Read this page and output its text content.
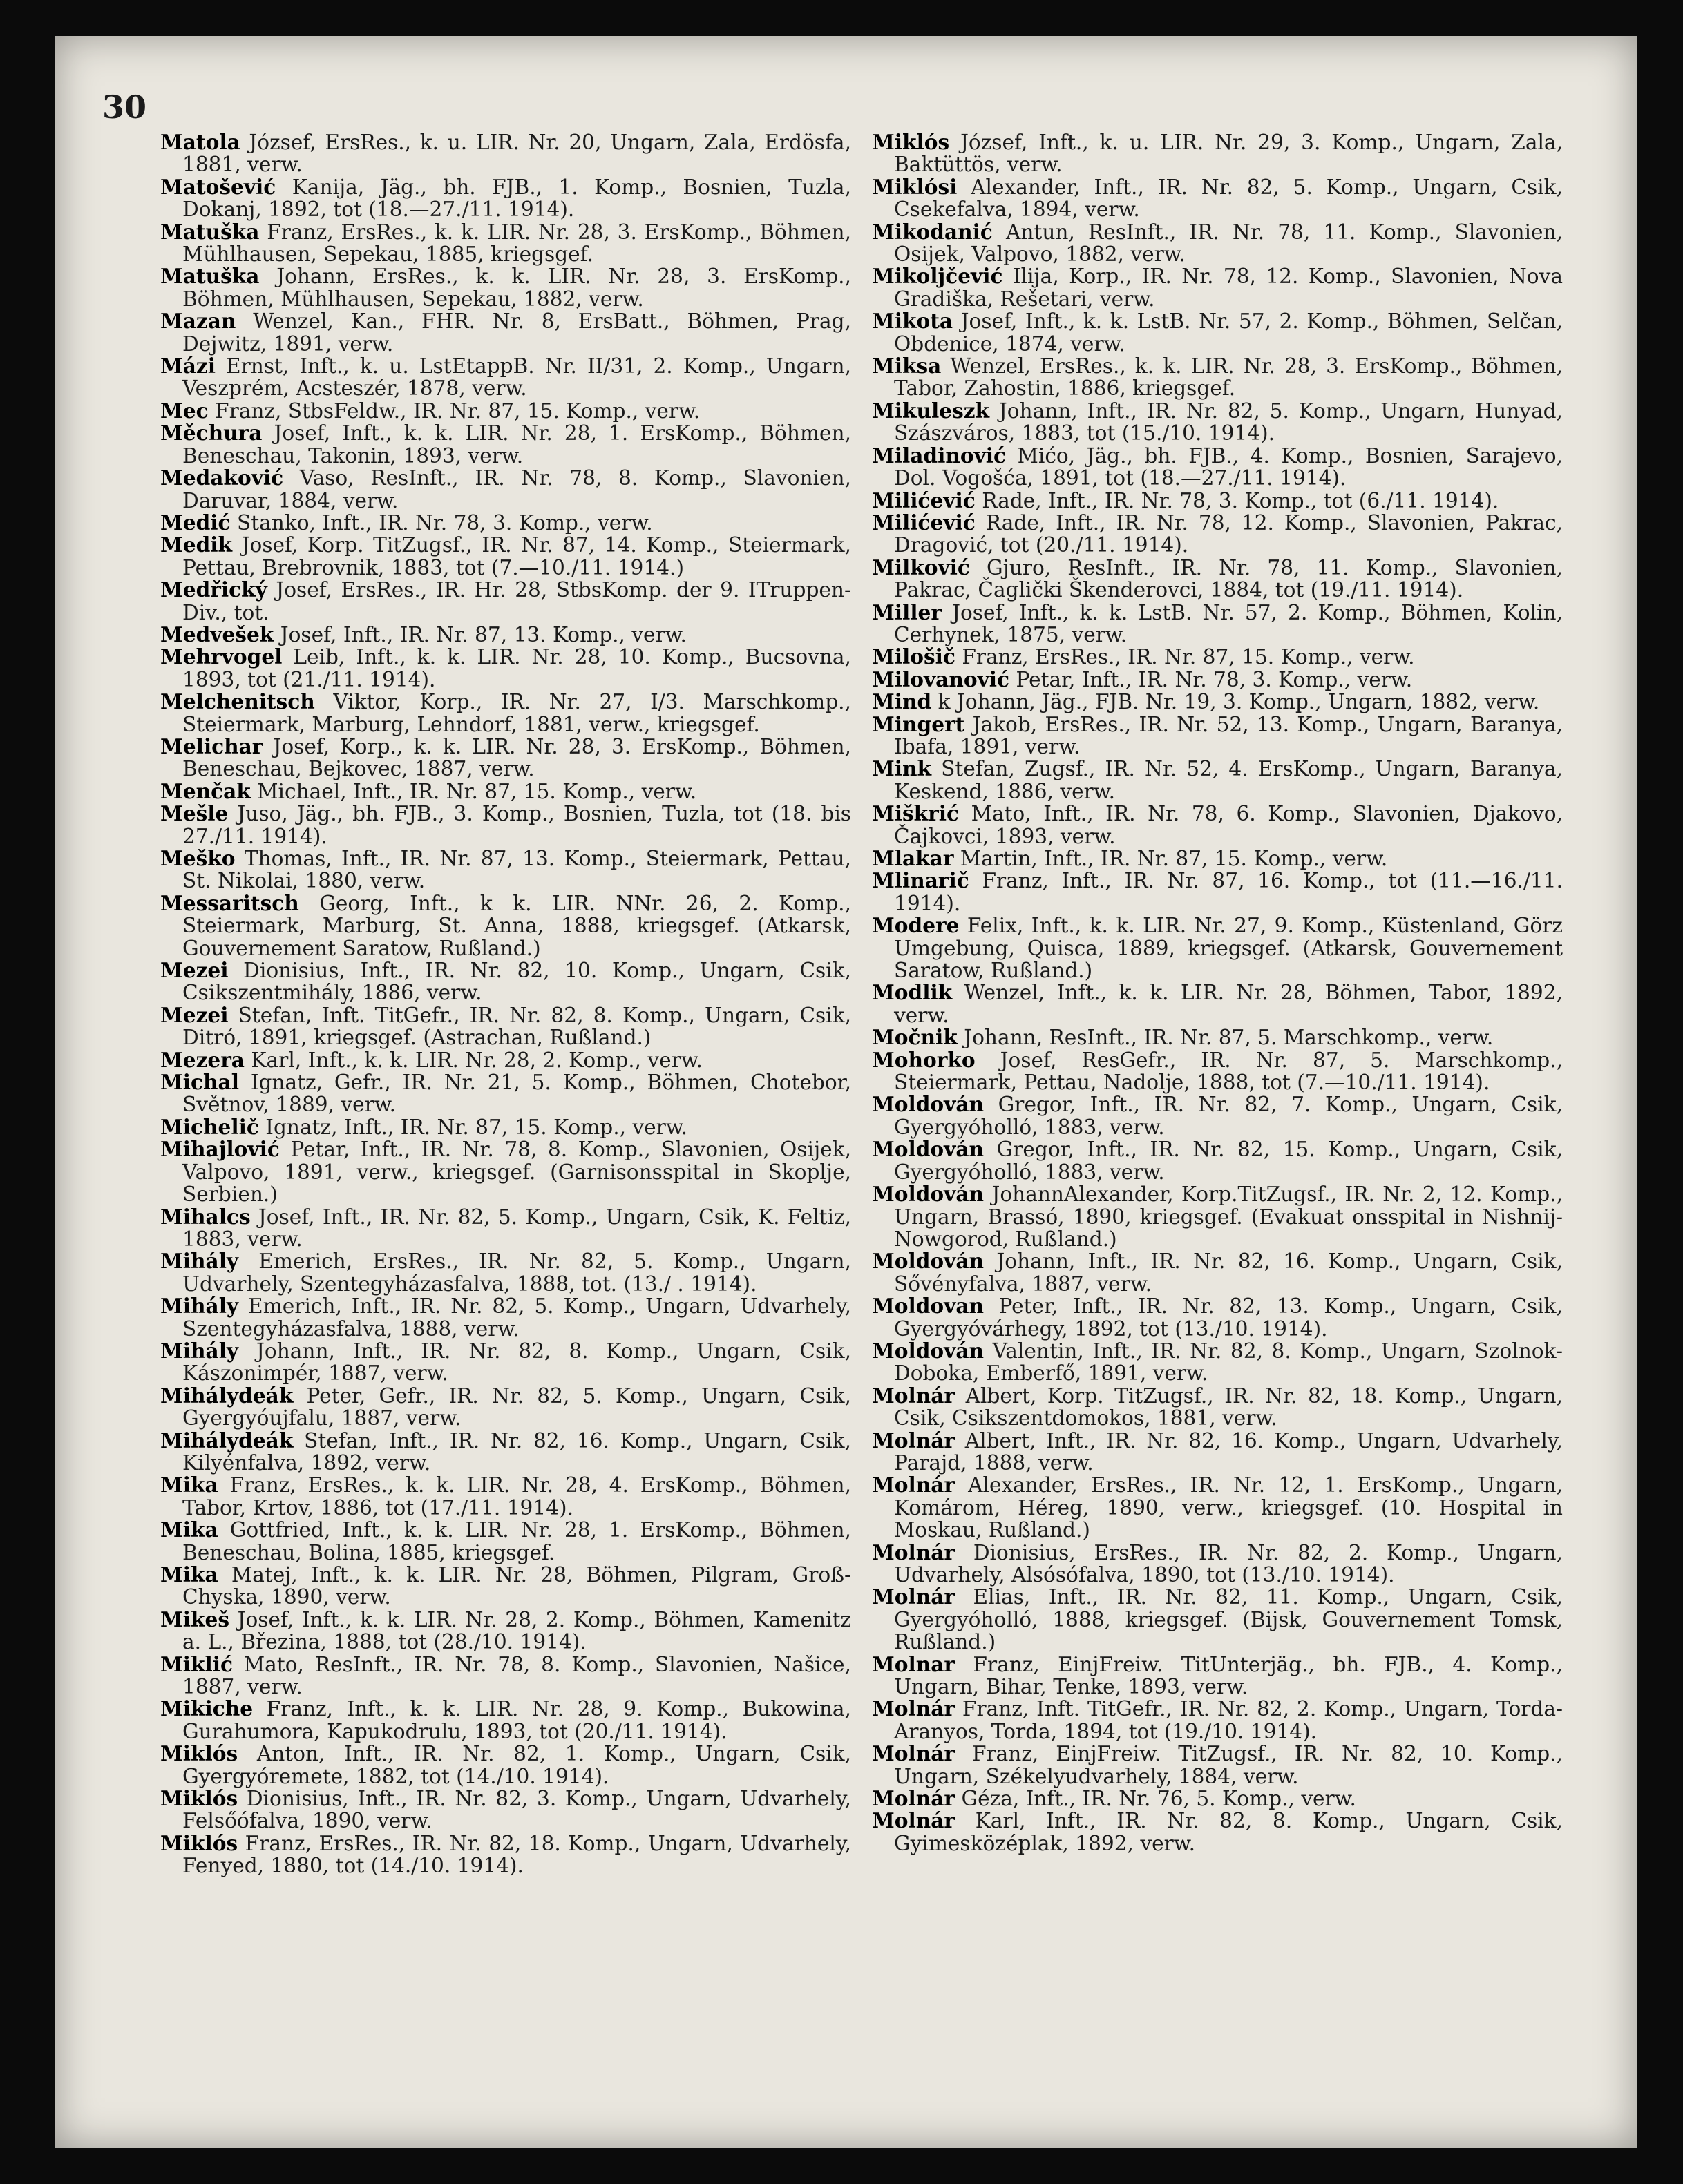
30
Matola József, ErsRes., k. u. LIR. Nr. 20, Ungarn, Zala, Erdösfa, 1881, verw.
Matošević Kanija, Jäg., bh. FJB., 1. Komp., Bosnien, Tuzla, Dokanj, 1892, tot (18.—27./11. 1914).
Matuška Franz, ErsRes., k. k. LIR. Nr. 28, 3. ErsKomp., Böhmen, Mühlhausen, Sepekau, 1885, kriegsgef.
Matuška Johann, ErsRes., k. k. LIR. Nr. 28, 3. ErsKomp., Böhmen, Mühlhausen, Sepekau, 1882, verw.
Mazan Wenzel, Kan., FHR. Nr. 8, ErsBatt., Böhmen, Prag, Dejwitz, 1891, verw.
Mázi Ernst, Inft., k. u. LstEtappB. Nr. II/31, 2. Komp., Ungarn, Veszprém, Acsteszér, 1878, verw.
Mec Franz, StbsFeldw., IR. Nr. 87, 15. Komp., verw.
Měchura Josef, Inft., k. k. LIR. Nr. 28, 1. ErsKomp., Böhmen, Beneschau, Takonin, 1893, verw.
Medaković Vaso, ResInft., IR. Nr. 78, 8. Komp., Slavonien, Daruvar, 1884, verw.
Medić Stanko, Inft., IR. Nr. 78, 3. Komp., verw.
Medik Josef, Korp. TitZugsf., IR. Nr. 87, 14. Komp., Steiermark, Pettau, Brebrovnik, 1883, tot (7.—10./11. 1914.)
Medřický Josef, ErsRes., IR. Hr. 28, StbsKomp. der 9. ITruppen-Div., tot.
Medvešek Josef, Inft., IR. Nr. 87, 13. Komp., verw.
Mehrvogel Leib, Inft., k. k. LIR. Nr. 28, 10. Komp., Bucsovna, 1893, tot (21./11. 1914).
Melchenitsch Viktor, Korp., IR. Nr. 27, I/3. Marschkomp., Steiermark, Marburg, Lehndorf, 1881, verw., kriegsgef.
Melichar Josef, Korp., k. k. LIR. Nr. 28, 3. ErsKomp., Böhmen, Beneschau, Bejkovec, 1887, verw.
Menčak Michael, Inft., IR. Nr. 87, 15. Komp., verw.
Mešle Juso, Jäg., bh. FJB., 3. Komp., Bosnien, Tuzla, tot (18. bis 27./11. 1914).
Meško Thomas, Inft., IR. Nr. 87, 13. Komp., Steiermark, Pettau, St. Nikolai, 1880, verw.
Messaritsch Georg, Inft., k k. LIR. NNr. 26, 2. Komp., Steiermark, Marburg, St. Anna, 1888, kriegsgef. (Atkarsk, Gouvernement Saratow, Rußland.)
Mezei Dionisius, Inft., IR. Nr. 82, 10. Komp., Ungarn, Csik, Csikszentmihály, 1886, verw.
Mezei Stefan, Inft. TitGefr., IR. Nr. 82, 8. Komp., Ungarn, Csik, Ditró, 1891, kriegsgef. (Astrachan, Rußland.)
Mezera Karl, Inft., k. k. LIR. Nr. 28, 2. Komp., verw.
Michal Ignatz, Gefr., IR. Nr. 21, 5. Komp., Böhmen, Chotebor, Světnov, 1889, verw.
Michelič Ignatz, Inft., IR. Nr. 87, 15. Komp., verw.
Mihajlović Petar, Inft., IR. Nr. 78, 8. Komp., Slavonien, Osijek, Valpovo, 1891, verw., kriegsgef. (Garnisonsspital in Skoplje, Serbien.)
Mihalcs Josef, Inft., IR. Nr. 82, 5. Komp., Ungarn, Csik, K. Feltiz, 1883, verw.
Mihály Emerich, ErsRes., IR. Nr. 82, 5. Komp., Ungarn, Udvarhely, Szentegyházasfalva, 1888, tot. (13./ . 1914).
Mihály Emerich, Inft., IR. Nr. 82, 5. Komp., Ungarn, Udvarhely, Szentegyházasfalva, 1888, verw.
Mihály Johann, Inft., IR. Nr. 82, 8. Komp., Ungarn, Csik, Kászonimpér, 1887, verw.
Mihálydeák Peter, Gefr., IR. Nr. 82, 5. Komp., Ungarn, Csik, Gyergyóujfalu, 1887, verw.
Mihálydeák Stefan, Inft., IR. Nr. 82, 16. Komp., Ungarn, Csik, Kilyénfalva, 1892, verw.
Mika Franz, ErsRes., k. k. LIR. Nr. 28, 4. ErsKomp., Böhmen, Tabor, Krtov, 1886, tot (17./11. 1914).
Mika Gottfried, Inft., k. k. LIR. Nr. 28, 1. ErsKomp., Böhmen, Beneschau, Bolina, 1885, kriegsgef.
Mika Matej, Inft., k. k. LIR. Nr. 28, Böhmen, Pilgram, Groß-Chyska, 1890, verw.
Mikeš Josef, Inft., k. k. LIR. Nr. 28, 2. Komp., Böhmen, Kamenitz a. L., Březina, 1888, tot (28./10. 1914).
Miklić Mato, ResInft., IR. Nr. 78, 8. Komp., Slavonien, Našice, 1887, verw.
Mikiche Franz, Inft., k. k. LIR. Nr. 28, 9. Komp., Bukowina, Gurahumora, Kapukodrulu, 1893, tot (20./11. 1914).
Miklós Anton, Inft., IR. Nr. 82, 1. Komp., Ungarn, Csik, Gyergyóremete, 1882, tot (14./10. 1914).
Miklós Dionisius, Inft., IR. Nr. 82, 3. Komp., Ungarn, Udvarhely, Felsőófalva, 1890, verw.
Miklós Franz, ErsRes., IR. Nr. 82, 18. Komp., Ungarn, Udvarhely, Fenyed, 1880, tot (14./10. 1914).
Miklós József, Inft., k. u. LIR. Nr. 29, 3. Komp., Ungarn, Zala, Baktüttös, verw.
Miklósi Alexander, Inft., IR. Nr. 82, 5. Komp., Ungarn, Csik, Csekefalva, 1894, verw.
Mikodanić Antun, ResInft., IR. Nr. 78, 11. Komp., Slavonien, Osijek, Valpovo, 1882, verw.
Mikoljčević Ilija, Korp., IR. Nr. 78, 12. Komp., Slavonien, Nova Gradiška, Rešetari, verw.
Mikota Josef, Inft., k. k. LstB. Nr. 57, 2. Komp., Böhmen, Selčan, Obdenice, 1874, verw.
Miksa Wenzel, ErsRes., k. k. LIR. Nr. 28, 3. ErsKomp., Böhmen, Tabor, Zahostin, 1886, kriegsgef.
Mikuleszk Johann, Inft., IR. Nr. 82, 5. Komp., Ungarn, Hunyad, Szászváros, 1883, tot (15./10. 1914).
Miladinović Mićo, Jäg., bh. FJB., 4. Komp., Bosnien, Sarajevo, Dol. Vogošća, 1891, tot (18.—27./11. 1914).
Milićević Rade, Inft., IR. Nr. 78, 3. Komp., tot (6./11. 1914).
Milićević Rade, Inft., IR. Nr. 78, 12. Komp., Slavonien, Pakrac, Dragović, tot (20./11. 1914).
Milković Gjuro, ResInft., IR. Nr. 78, 11. Komp., Slavonien, Pakrac, Čaglički Škenderovci, 1884, tot (19./11. 1914).
Miller Josef, Inft., k. k. LstB. Nr. 57, 2. Komp., Böhmen, Kolin, Cerhynek, 1875, verw.
Milošič Franz, ErsRes., IR. Nr. 87, 15. Komp., verw.
Milovanović Petar, Inft., IR. Nr. 78, 3. Komp., verw.
Mind k Johann, Jäg., FJB. Nr. 19, 3. Komp., Ungarn, 1882, verw.
Mingert Jakob, ErsRes., IR. Nr. 52, 13. Komp., Ungarn, Baranya, Ibafa, 1891, verw.
Mink Stefan, Zugsf., IR. Nr. 52, 4. ErsKomp., Ungarn, Baranya, Keskend, 1886, verw.
Miškrić Mato, Inft., IR. Nr. 78, 6. Komp., Slavonien, Djakovo, Čajkovci, 1893, verw.
Mlakar Martin, Inft., IR. Nr. 87, 15. Komp., verw.
Mlinarič Franz, Inft., IR. Nr. 87, 16. Komp., tot (11.—16./11. 1914).
Modere Felix, Inft., k. k. LIR. Nr. 27, 9. Komp., Küstenland, Görz Umgebung, Quisca, 1889, kriegsgef. (Atkarsk, Gouvernement Saratow, Rußland.)
Modlik Wenzel, Inft., k. k. LIR. Nr. 28, Böhmen, Tabor, 1892, verw.
Močnik Johann, ResInft., IR. Nr. 87, 5. Marschkomp., verw.
Mohorko Josef, ResGefr., IR. Nr. 87, 5. Marschkomp., Steiermark, Pettau, Nadolje, 1888, tot (7.—10./11. 1914).
Moldován Gregor, Inft., IR. Nr. 82, 7. Komp., Ungarn, Csik, Gyergyóholló, 1883, verw.
Moldován Gregor, Inft., IR. Nr. 82, 15. Komp., Ungarn, Csik, Gyergyóholló, 1883, verw.
Moldován JohannAlexander, Korp.TitZugsf., IR. Nr. 2, 12. Komp., Ungarn, Brassó, 1890, kriegsgef. (Evakuat onsspital in Nishnij-Nowgorod, Rußland.)
Moldován Johann, Inft., IR. Nr. 82, 16. Komp., Ungarn, Csik, Sővényfalva, 1887, verw.
Moldovan Peter, Inft., IR. Nr. 82, 13. Komp., Ungarn, Csik, Gyergyóvárhegy, 1892, tot (13./10. 1914).
Moldován Valentin, Inft., IR. Nr. 82, 8. Komp., Ungarn, Szolnok-Doboka, Emberfő, 1891, verw.
Molnár Albert, Korp. TitZugsf., IR. Nr. 82, 18. Komp., Ungarn, Csik, Csikszentdomokos, 1881, verw.
Molnár Albert, Inft., IR. Nr. 82, 16. Komp., Ungarn, Udvarhely, Parajd, 1888, verw.
Molnár Alexander, ErsRes., IR. Nr. 12, 1. ErsKomp., Ungarn, Komárom, Héreg, 1890, verw., kriegsgef. (10. Hospital in Moskau, Rußland.)
Molnár Dionisius, ErsRes., IR. Nr. 82, 2. Komp., Ungarn, Udvarhely, Alsósófalva, 1890, tot (13./10. 1914).
Molnár Elias, Inft., IR. Nr. 82, 11. Komp., Ungarn, Csik, Gyergyóholló, 1888, kriegsgef. (Bijsk, Gouvernement Tomsk, Rußland.)
Molnar Franz, EinjFreiw. TitUnterjäg., bh. FJB., 4. Komp., Ungarn, Bihar, Tenke, 1893, verw.
Molnár Franz, Inft. TitGefr., IR. Nr. 82, 2. Komp., Ungarn, Torda-Aranyos, Torda, 1894, tot (19./10. 1914).
Molnár Franz, EinjFreiw. TitZugsf., IR. Nr. 82, 10. Komp., Ungarn, Székelyudvarhely, 1884, verw.
Molnár Géza, Inft., IR. Nr. 76, 5. Komp., verw.
Molnár Karl, Inft., IR. Nr. 82, 8. Komp., Ungarn, Csik, Gyimesközéplak, 1892, verw.
